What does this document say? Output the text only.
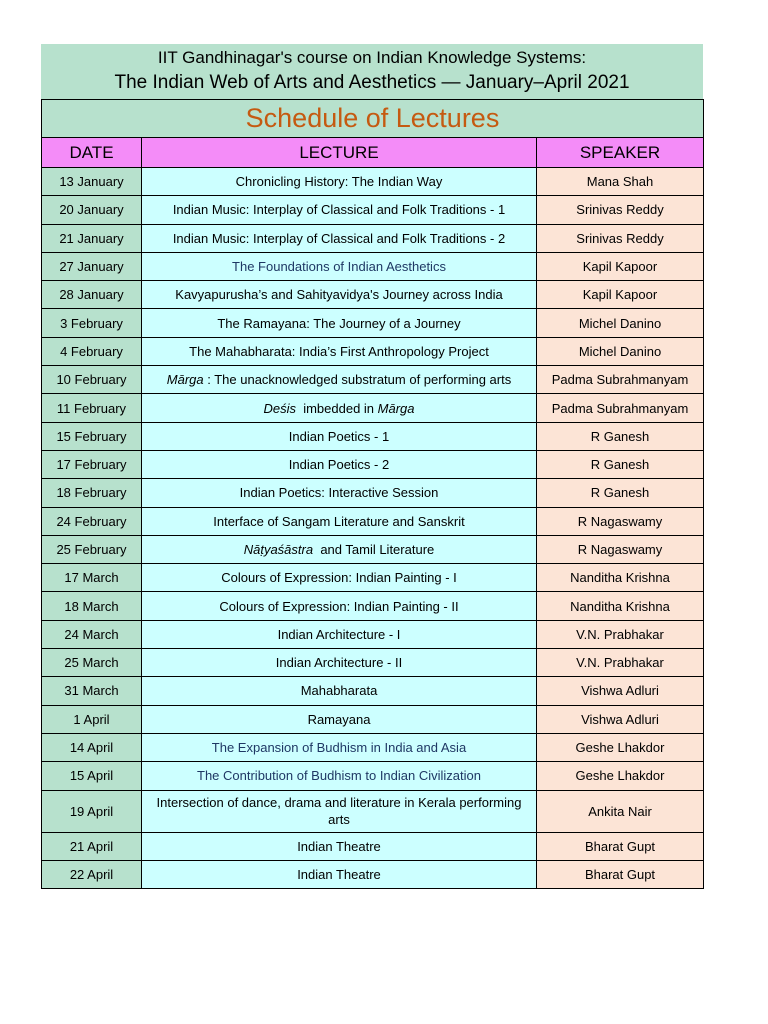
IIT Gandhinagar's course on Indian Knowledge Systems:
The Indian Web of Arts and Aesthetics — January–April 2021
Schedule of Lectures		
DATE	LECTURE	SPEAKER
13 January	Chronicling History: The Indian Way	Mana Shah
20 January	Indian Music: Interplay of Classical and Folk Traditions - 1	Srinivas Reddy
21 January	Indian Music: Interplay of Classical and Folk Traditions - 2	Srinivas Reddy
27 January	The Foundations of Indian Aesthetics	Kapil Kapoor
28 January	Kavyapurusha’s and Sahityavidya's Journey across India	Kapil Kapoor
3 February	The Ramayana: The Journey of a Journey	Michel Danino
4 February	The Mahabharata: India’s First Anthropology Project	Michel Danino
10 February	Mārga : The unacknowledged substratum of performing arts	Padma Subrahmanyam
11 February	Deśis  imbedded in Mārga	Padma Subrahmanyam
15 February	Indian Poetics - 1	R Ganesh
17 February	Indian Poetics - 2	R Ganesh
18 February	Indian Poetics: Interactive Session	R Ganesh
24 February	Interface of Sangam Literature and Sanskrit	R Nagaswamy
25 February	Nāṭyaśāstra  and Tamil Literature	R Nagaswamy
17 March	Colours of Expression: Indian Painting - I	Nanditha Krishna
18 March	Colours of Expression: Indian Painting - II	Nanditha Krishna
24 March	Indian Architecture - I	V.N. Prabhakar
25 March	Indian Architecture - II	V.N. Prabhakar
31 March	Mahabharata	Vishwa Adluri
1 April	Ramayana	Vishwa Adluri
14 April	The Expansion of Budhism in India and Asia	Geshe Lhakdor
15 April	The Contribution of Budhism to Indian Civilization	Geshe Lhakdor
19 April	Intersection of dance, drama and literature in Kerala performing arts	Ankita Nair
21 April	Indian Theatre	Bharat Gupt
22 April	Indian Theatre	Bharat Gupt
